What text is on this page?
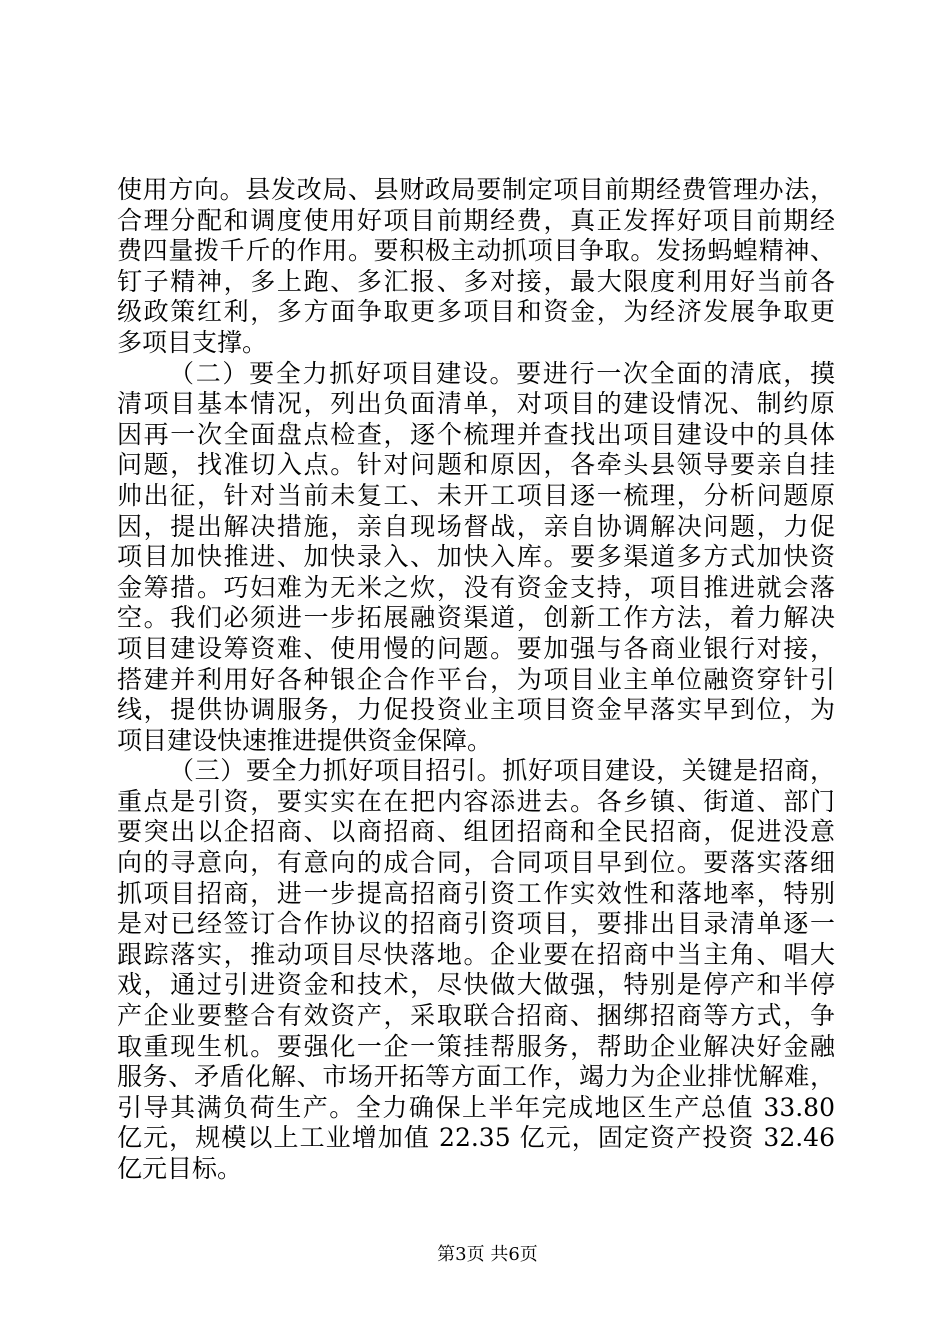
使用方向。县发改局、县财政局要制定项目前期经费管理办法，
合理分配和调度使用好项目前期经费，真正发挥好项目前期经
费四量拨千斤的作用。要积极主动抓项目争取。发扬蚂蝗精神、
钉子精神，多上跑、多汇报、多对接，最大限度利用好当前各
级政策红利，多方面争取更多项目和资金，为经济发展争取更
多项目支撑。
（二）要全力抓好项目建设。要进行一次全面的清底，摸
清项目基本情况，列出负面清单，对项目的建设情况、制约原
因再一次全面盘点检查，逐个梳理并查找出项目建设中的具体
问题，找准切入点。针对问题和原因，各牵头县领导要亲自挂
帅出征，针对当前未复工、未开工项目逐一梳理，分析问题原
因，提出解决措施，亲自现场督战，亲自协调解决问题，力促
项目加快推进、加快录入、加快入库。要多渠道多方式加快资
金筹措。巧妇难为无米之炊，没有资金支持，项目推进就会落
空。我们必须进一步拓展融资渠道，创新工作方法，着力解决
项目建设筹资难、使用慢的问题。要加强与各商业银行对接，
搭建并利用好各种银企合作平台，为项目业主单位融资穿针引
线，提供协调服务，力促投资业主项目资金早落实早到位，为
项目建设快速推进提供资金保障。
（三）要全力抓好项目招引。抓好项目建设，关键是招商，
重点是引资，要实实在在把内容添进去。各乡镇、街道、部门
要突出以企招商、以商招商、组团招商和全民招商，促进没意
向的寻意向，有意向的成合同，合同项目早到位。要落实落细
抓项目招商，进一步提高招商引资工作实效性和落地率，特别
是对已经签订合作协议的招商引资项目，要排出目录清单逐一
跟踪落实，推动项目尽快落地。企业要在招商中当主角、唱大
戏，通过引进资金和技术，尽快做大做强，特别是停产和半停
产企业要整合有效资产，采取联合招商、捆绑招商等方式，争
取重现生机。要强化一企一策挂帮服务，帮助企业解决好金融
服务、矛盾化解、市场开拓等方面工作，竭力为企业排忧解难，
引导其满负荷生产。全力确保上半年完成地区生产总值 33.80
亿元，规模以上工业增加值 22.35 亿元，固定资产投资 32.46
亿元目标。
第3页 共6页
